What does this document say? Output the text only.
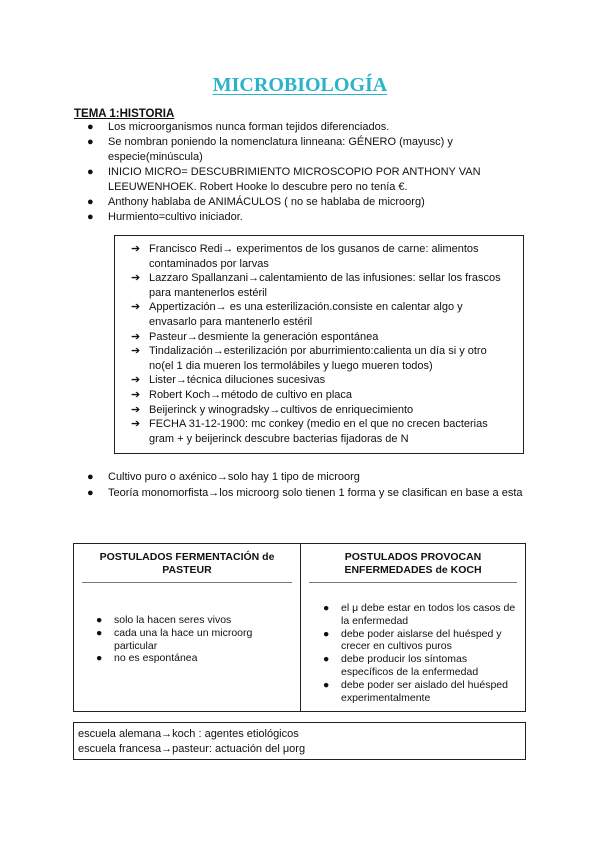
MICROBIOLOGÍA
TEMA 1:HISTORIA
● Los microorganismos nunca forman tejidos diferenciados.
● Se nombran poniendo la nomenclatura linneana: GÉNERO (mayusc) y especie(minúscula)
● INICIO MICRO= DESCUBRIMIENTO MICROSCOPIO POR ANTHONY VAN LEEUWENHOEK. Robert Hooke lo descubre pero no tenía €.
● Anthony hablaba de ANIMÁCULOS ( no se hablaba de microorg)
● Hurmiento=cultivo iniciador.
➔ Francisco Redi→ experimentos de los gusanos de carne: alimentos contaminados por larvas
➔ Lazzaro Spallanzani→calentamiento de las infusiones: sellar los frascos para mantenerlos estéril
➔ Appertización→ es una esterilización.consiste en calentar algo y envasarlo para mantenerlo estéril
➔ Pasteur→desmiente la generación espontánea
➔ Tindalización→esterilización por aburrimiento:calienta un día si y otro no(el 1 dia mueren los termolábiles y luego mueren todos)
➔ Lister→técnica diluciones sucesivas
➔ Robert Koch→método de cultivo en placa
➔ Beijerinck y winogradsky→cultivos de enriquecimiento
➔ FECHA 31-12-1900: mc conkey (medio en el que no crecen bacterias gram + y beijerinck descubre bacterias fijadoras de N
● Cultivo puro o axénico→solo hay 1 tipo de microorg
● Teoría monomorfista→los microorg solo tienen 1 forma y se clasifican en base a esta
POSTULADOS FERMENTACIÓN de PASTEUR
● solo la hacen seres vivos
● cada una la hace un microorg particular
● no es espontánea
POSTULADOS PROVOCAN ENFERMEDADES de KOCH
● el μ debe estar en todos los casos de la enfermedad
● debe poder aislarse del huésped y crecer en cultivos puros
● debe producir los síntomas específicos de la enfermedad
● debe poder ser aislado del huésped experimentalmente
escuela alemana→koch : agentes etiológicos
escuela francesa→pasteur: actuación del μorg
